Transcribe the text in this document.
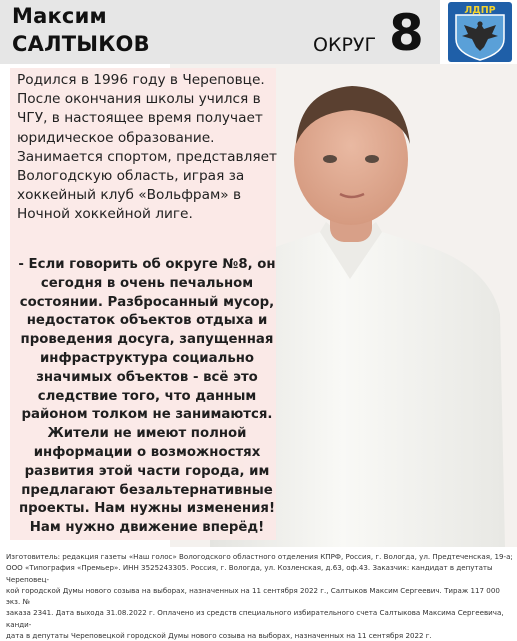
Максим
САЛТЫКОВ	ОКРУГ 8	ЛДПР
Родился в 1996 году в Череповце. После окончания школы учился в ЧГУ, в настоящее время получает юридическое образование. Занимается спортом, представляет Вологодскую область, играя за хоккейный клуб «Вольфрам» в Ночной хоккейной лиге.
- Если говорить об округе №8, он сегодня в очень печальном состоянии. Разбросанный мусор, недостаток объектов отдыха и проведения досуга, запущенная инфраструктура социально значимых объектов - всё это следствие того, что данным районом толком не занимаются. Жители не имеют полной информации о возможностях развития этой части города, им предлагают безальтернативные проекты. Нам нужны изменения! Нам нужно движение вперёд!
Изготовитель: редакция газеты «Наш голос» Вологодского областного отделения КПРФ, Россия, г. Вологда, ул. Предтеченская, 19-а;
ООО «Типография «Премьер». ИНН 3525243305. Россия, г. Вологда, ул. Козленская, д.63, оф.43. Заказчик: кандидат в депутаты Череповец-
кой городской Думы нового созыва на выборах, назначенных на 11 сентября 2022 г., Салтыков Максим Сергеевич. Тираж 117 000 экз. №
заказа 2341. Дата выхода 31.08.2022 г. Оплачено из средств специального избирательного счета Салтыкова Максима Сергеевича, канди-
дата в депутаты Череповецкой городской Думы нового созыва на выборах, назначенных на 11 сентября 2022 г.
